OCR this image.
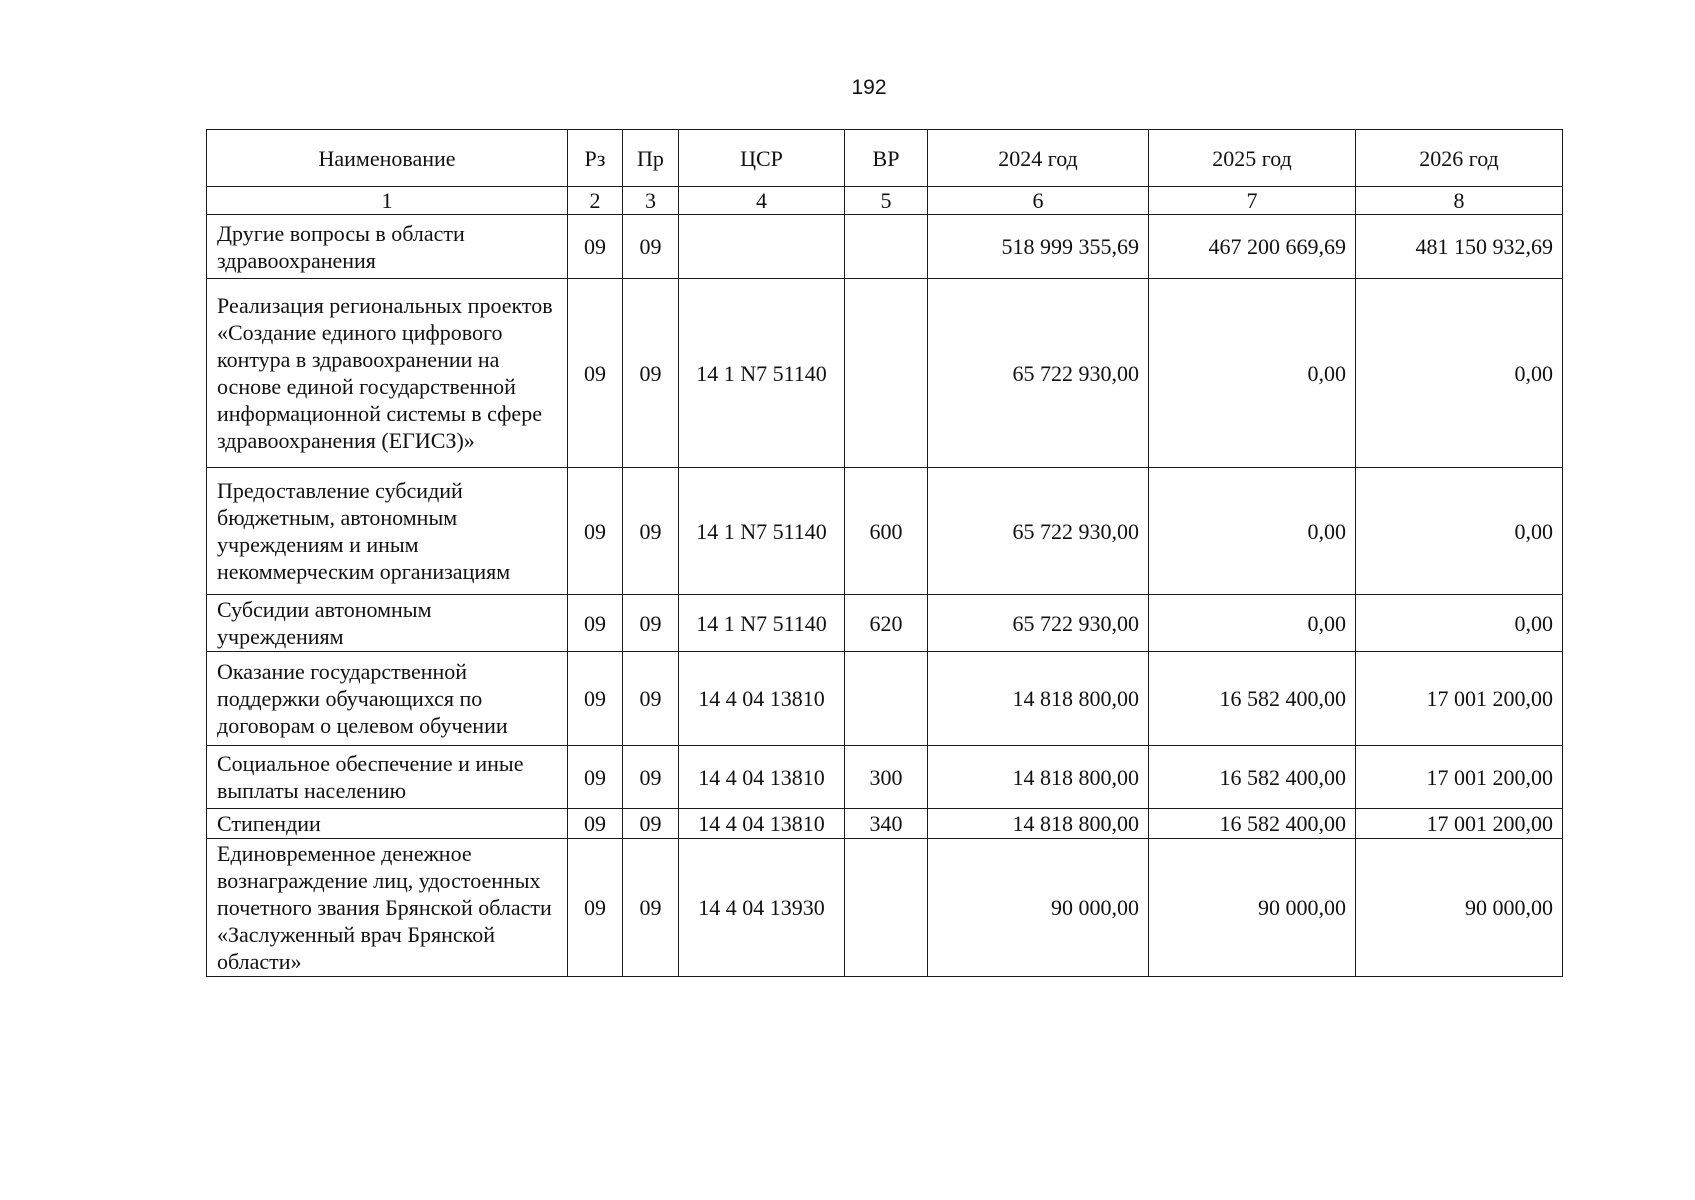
192
Наименование	Рз	Пр	ЦСР	ВР	2024 год	2025 год	2026 год
1	2	3	4	5	6	7	8
Другие вопросы в области здравоохранения	09	09			518 999 355,69	467 200 669,69	481 150 932,69
Реализация региональных проектов «Создание единого цифрового контура в здравоохранении на основе единой государственной информационной системы в сфере здравоохранения (ЕГИСЗ)»	09	09	14 1 N7 51140		65 722 930,00	0,00	0,00
Предоставление субсидий бюджетным, автономным учреждениям и иным некоммерческим организациям	09	09	14 1 N7 51140	600	65 722 930,00	0,00	0,00
Субсидии автономным учреждениям	09	09	14 1 N7 51140	620	65 722 930,00	0,00	0,00
Оказание государственной поддержки обучающихся по договорам о целевом обучении	09	09	14 4 04 13810		14 818 800,00	16 582 400,00	17 001 200,00
Социальное обеспечение и иные выплаты населению	09	09	14 4 04 13810	300	14 818 800,00	16 582 400,00	17 001 200,00
Стипендии	09	09	14 4 04 13810	340	14 818 800,00	16 582 400,00	17 001 200,00
Единовременное денежное вознаграждение лиц, удостоенных почетного звания Брянской области «Заслуженный врач Брянской области»	09	09	14 4 04 13930		90 000,00	90 000,00	90 000,00
